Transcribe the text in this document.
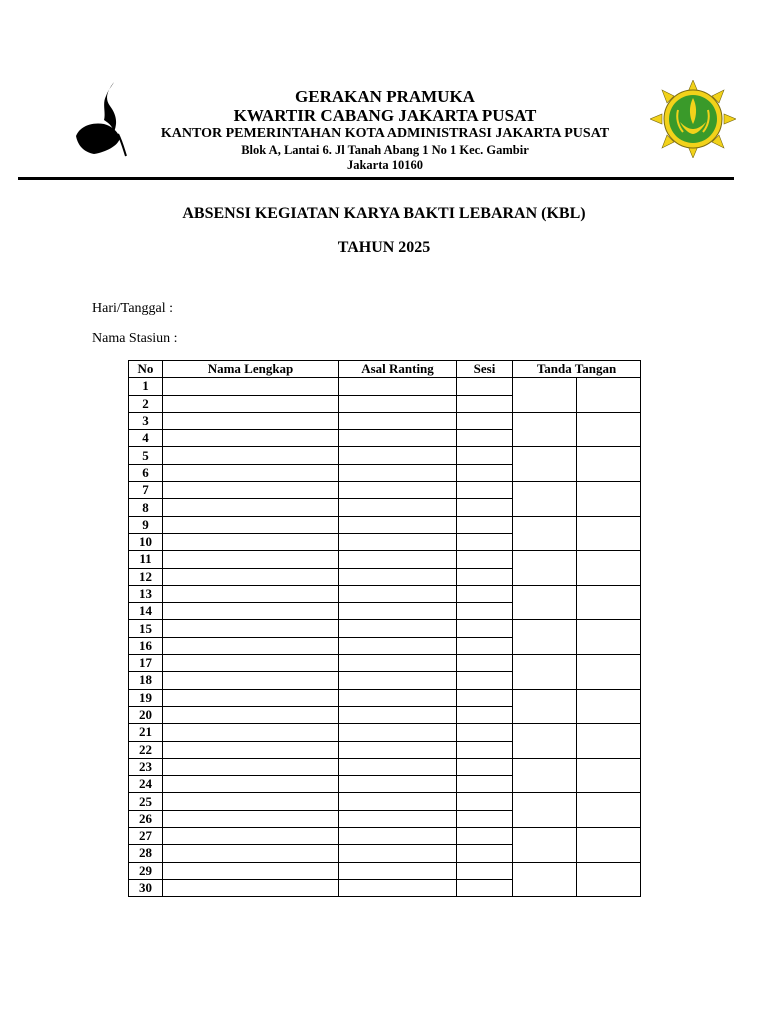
GERAKAN PRAMUKA
KWARTIR CABANG JAKARTA PUSAT
KANTOR PEMERINTAHAN KOTA ADMINISTRASI JAKARTA PUSAT
Blok A, Lantai 6. Jl Tanah Abang 1 No 1 Kec. Gambir
Jakarta 10160
ABSENSI KEGIATAN KARYA BAKTI LEBARAN (KBL)
TAHUN 2025
Hari/Tanggal :
Nama Stasiun :
No	Nama Lengkap	Asal Ranting	Sesi	Tanda Tangan	
1					
2					
3					
4					
5					
6					
7					
8					
9					
10					
11					
12					
13					
14					
15					
16					
17					
18					
19					
20					
21					
22					
23					
24					
25					
26					
27					
28					
29					
30					
